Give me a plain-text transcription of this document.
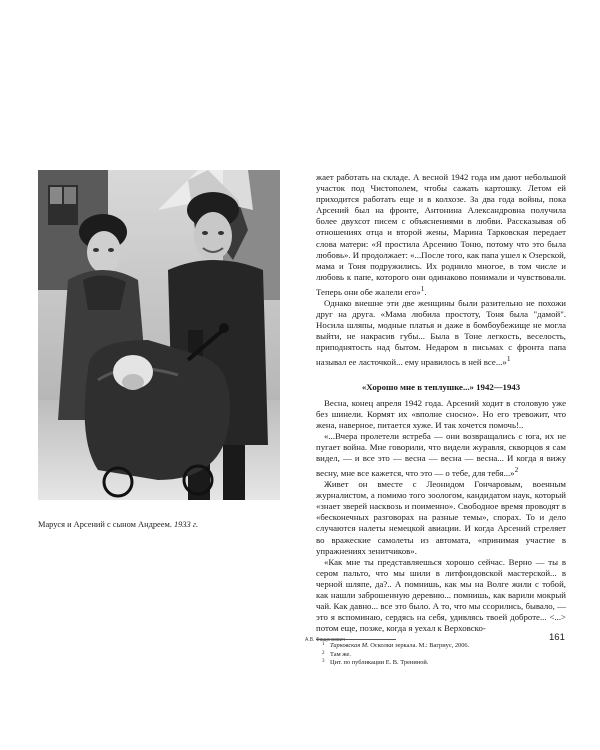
Маруся и Арсений с сыном Андреем. 1933 г.
А.В. Фащенкович

жает работать на складе. А весной 1942 года им дают небольшой участок под Чистополем, чтобы сажать картошку. Летом ей приходится работать еще и в колхозе. За два года войны, пока Арсений был на фронте, Антонина Александровна получила более двухсот писем с объяснениями в любви. Рассказывая об отношениях отца и второй жены, Марина Тарковская передает слова матери: «Я простила Арсению Тоню, потому что это была любовь». И продолжает: «...После того, как папа ушел к Озерской, мама и Тоня подружились. Их роднило многое, в том числе и любовь к папе, которого они одинаково понимали и чувствовали. Теперь они обе жалели его»$^1$.

Однако внешне эти две женщины были разительно не похожи друг на друга. «Мама любила простоту, Тоня была "дамой". Носила шляпы, модные платья и даже в бомбоубежище не могла выйти, не накрасив губы... Была в Тоне легкость, веселость, приподнятость над бытом. Недаром в письмах с фронта папа называл ее ласточкой... ему нравилось в ней все...»$^1$

«Хорошо мне в теплушке...» 1942—1943

Весна, конец апреля 1942 года. Арсений ходит в столовую уже без шинели. Кормят их «вполне сносно». Но его тревожит, что жена, наверное, питается хуже. И так хочется помочь!..

«...Вчера пролетели ястреба — они возвращались с юга, их не пугает война. Мне говорили, что видели журавля, скворцов я сам видел, — и все это — весна — весна — весна... И когда я вижу весну, мне все кажется, что это — о тебе, для тебя...»$^2$

Живет он вместе с Леонидом Гончаровым, военным журналистом, а помимо того зоологом, кандидатом наук, который «знает зверей насквозь и поименно». Свободное время проводят в «бесконечных разговорах на разные темы», спорах. То и дело случаются налеты немецкой авиации. И когда Арсений стреляет во вражеские самолеты из автомата, «принимая участие в упражнениях зенитчиков».

«Как мне ты представляешься хорошо сейчас. Верно — ты в сером пальто, что мы шили в литфондовской мастерской... в черной шляпе, да?.. А помнишь, как мы на Волге жили с тобой, как нашли заброшенную деревню... помнишь, как варили мокрый чай. Как давно... все это было. А то, что мы ссорились, бывало, — это я вспоминаю, сердясь на себя, удивлясь твоей доброте... <...> потом еще, позже, когда я уехал к Верховско-

1 Тарковская М. Осколки зеркала. М.: Вагриус, 2006.
2 Там же.
3 Цит. по публикации Е. В. Трениной.
161
